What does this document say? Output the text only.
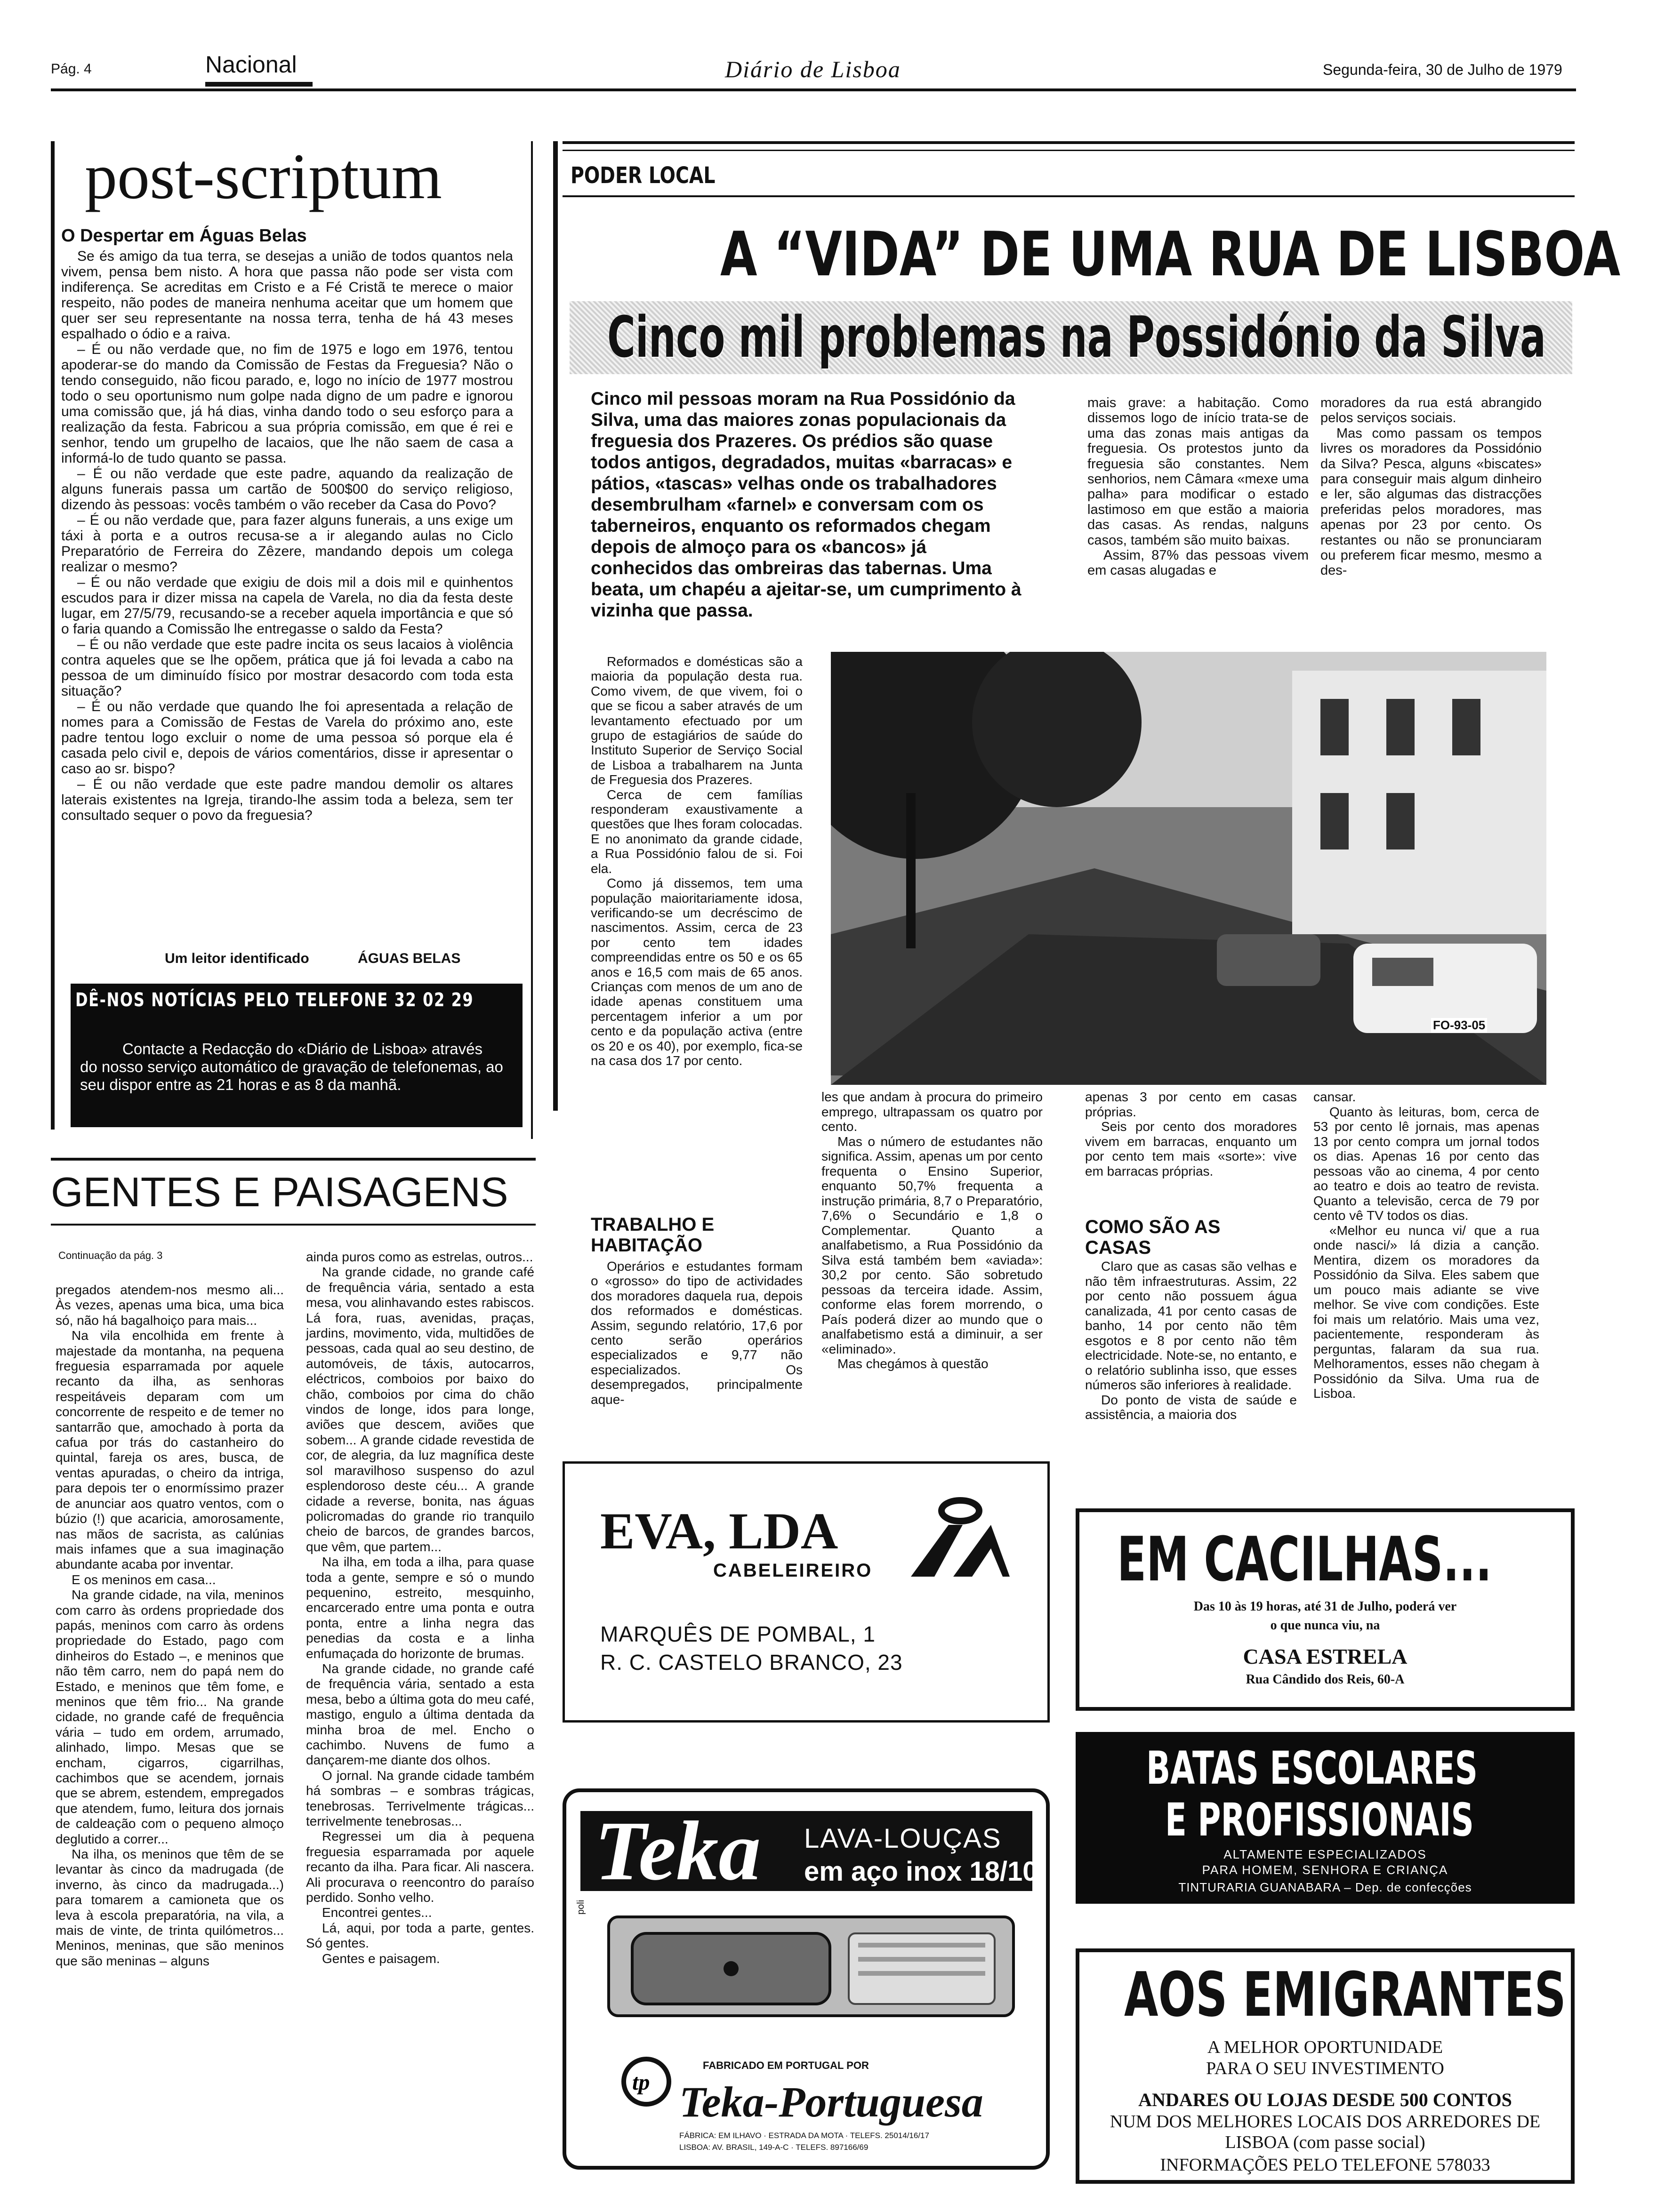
Pág. 4	Nacional	Diário de Lisboa	Segunda-feira, 30 de Julho de 1979
post-scriptum
O Despertar em Águas Belas

Se és amigo da tua terra, se desejas a união de todos quantos nela vivem, pensa bem nisto. A hora que passa não pode ser vista com indiferença. Se acreditas em Cristo e a Fé Cristã te merece o maior respeito, não podes de maneira nenhuma aceitar que um homem que quer ser seu representante na nossa terra, tenha de há 43 meses espalhado o ódio e a raiva.

– É ou não verdade que, no fim de 1975 e logo em 1976, tentou apoderar-se do mando da Comissão de Festas da Freguesia? Não o tendo conseguido, não ficou parado, e, logo no início de 1977 mostrou todo o seu oportunismo num golpe nada digno de um padre e ignorou uma comissão que, já há dias, vinha dando todo o seu esforço para a realização da festa. Fabricou a sua própria comissão, em que é rei e senhor, tendo um grupelho de lacaios, que lhe não saem de casa a informá-lo de tudo quanto se passa.

– É ou não verdade que este padre, aquando da realização de alguns funerais passa um cartão de 500$00 do serviço religioso, dizendo às pessoas: vocês também o vão receber da Casa do Povo?

– É ou não verdade que, para fazer alguns funerais, a uns exige um táxi à porta e a outros recusa-se a ir alegando aulas no Ciclo Preparatório de Ferreira do Zêzere, mandando depois um colega realizar o mesmo?

– É ou não verdade que exigiu de dois mil a dois mil e quinhentos escudos para ir dizer missa na capela de Varela, no dia da festa deste lugar, em 27/5/79, recusando-se a receber aquela importância e que só o faria quando a Comissão lhe entregasse o saldo da Festa?

– É ou não verdade que este padre incita os seus lacaios à violência contra aqueles que se lhe opõem, prática que já foi levada a cabo na pessoa de um diminuído físico por mostrar desacordo com toda esta situação?

– É ou não verdade que quando lhe foi apresentada a relação de nomes para a Comissão de Festas de Varela do próximo ano, este padre tentou logo excluir o nome de uma pessoa só porque ela é casada pelo civil e, depois de vários comentários, disse ir apresentar o caso ao sr. bispo?

– É ou não verdade que este padre mandou demolir os altares laterais existentes na Igreja, tirando-lhe assim toda a beleza, sem ter consultado sequer o povo da freguesia?

Um leitor identificado	ÁGUAS BELAS
DÊ-NOS NOTÍCIAS PELO TELEFONE 32 02 29
Contacte a Redacção do «Diário de Lisboa» através do nosso serviço automático de gravação de telefonemas, ao seu dispor entre as 21 horas e as 8 da manhã.
GENTES E PAISAGENS
Continuação da pág. 3

pregados atendem-nos mesmo ali... Às vezes, apenas uma bica, uma bica só, não há bagalhoiço para mais...

Na vila encolhida em frente à majestade da montanha, na pequena freguesia esparramada por aquele recanto da ilha, as senhoras respeitáveis deparam com um concorrente de respeito e de temer no santarrão que, amochado à porta da cafua por trás do castanheiro do quintal, fareja os ares, busca, de ventas apuradas, o cheiro da intriga, para depois ter o enormíssimo prazer de anunciar aos quatro ventos, com o búzio (!) que acaricia, amorosamente, nas mãos de sacrista, as calúnias mais infames que a sua imaginação abundante acaba por inventar.

E os meninos em casa...

Na grande cidade, na vila, meninos com carro às ordens propriedade dos papás, meninos com carro às ordens propriedade do Estado, pago com dinheiros do Estado –, e meninos que não têm carro, nem do papá nem do Estado, e meninos que têm fome, e meninos que têm frio... Na grande cidade, no grande café de frequência vária – tudo em ordem, arrumado, alinhado, limpo. Mesas que se encham, cigarros, cigarrilhas, cachimbos que se acendem, jornais que se abrem, estendem, empregados que atendem, fumo, leitura dos jornais de caldeação com o pequeno almoço deglutido a correr...

Na ilha, os meninos que têm de se levantar às cinco da madrugada (de inverno, às cinco da madrugada...) para tomarem a camioneta que os leva à escola preparatória, na vila, a mais de vinte, de trinta quilómetros... Meninos, meninas, que são meninos que são meninas – alguns

ainda puros como as estrelas, outros...

Na grande cidade, no grande café de frequência vária, sentado a esta mesa, vou alinhavando estes rabiscos. Lá fora, ruas, avenidas, praças, jardins, movimento, vida, multidões de pessoas, cada qual ao seu destino, de automóveis, de táxis, autocarros, eléctricos, comboios por baixo do chão, comboios por cima do chão vindos de longe, idos para longe, aviões que descem, aviões que sobem... A grande cidade revestida de cor, de alegria, da luz magnífica deste sol maravilhoso suspenso do azul esplendoroso deste céu... A grande cidade a reverse, bonita, nas águas policromadas do grande rio tranquilo cheio de barcos, de grandes barcos, que vêm, que partem...

Na ilha, em toda a ilha, para quase toda a gente, sempre e só o mundo pequenino, estreito, mesquinho, encarcerado entre uma ponta e outra ponta, entre a linha negra das penedias da costa e a linha enfumaçada do horizonte de brumas.

Na grande cidade, no grande café de frequência vária, sentado a esta mesa, bebo a última gota do meu café, mastigo, engulo a última dentada da minha broa de mel. Encho o cachimbo. Nuvens de fumo a dançarem-me diante dos olhos.

O jornal. Na grande cidade também há sombras – e sombras trágicas, tenebrosas. Terrivelmente trágicas... terrivelmente tenebrosas...

Regressei um dia à pequena freguesia esparramada por aquele recanto da ilha. Para ficar. Ali nascera. Ali procurava o reencontro do paraíso perdido. Sonho velho.

Encontrei gentes...

Lá, aqui, por toda a parte, gentes. Só gentes.

Gentes e paisagem.

PODER LOCAL
A “VIDA” DE UMA RUA DE LISBOA
Cinco mil problemas na Possidónio da Silva
Cinco mil pessoas moram na Rua Possidónio da Silva, uma das maiores zonas populacionais da freguesia dos Prazeres. Os prédios são quase todos antigos, degradados, muitas «barracas» e pátios, «tascas» velhas onde os trabalhadores desembrulham «farnel» e conversam com os taberneiros, enquanto os reformados chegam depois de almoço para os «bancos» já conhecidos das ombreiras das tabernas. Uma beata, um chapéu a ajeitar-se, um cumprimento à vizinha que passa.

mais grave: a habitação. Como dissemos logo de início trata-se de uma das zonas mais antigas da freguesia. Os protestos junto da freguesia são constantes. Nem senhorios, nem Câmara «mexe uma palha» para modificar o estado lastimoso em que estão a maioria das casas. As rendas, nalguns casos, também são muito baixas.

Assim, 87% das pessoas vivem em casas alugadas e

moradores da rua está abrangido pelos serviços sociais.

Mas como passam os tempos livres os moradores da Possidónio da Silva? Pesca, alguns «biscates» para conseguir mais algum dinheiro e ler, são algumas das distracções preferidas pelos moradores, mas apenas por 23 por cento. Os restantes ou não se pronunciaram ou preferem ficar mesmo, mesmo a des-

Reformados e domésticas são a maioria da população desta rua. Como vivem, de que vivem, foi o que se ficou a saber através de um levantamento efectuado por um grupo de estagiários de saúde do Instituto Superior de Serviço Social de Lisboa a trabalharem na Junta de Freguesia dos Prazeres.

Cerca de cem famílias responderam exaustivamente a questões que lhes foram colocadas. E no anonimato da grande cidade, a Rua Possidónio falou de si. Foi ela.

Como já dissemos, tem uma população maioritariamente idosa, verificando-se um decréscimo de nascimentos. Assim, cerca de 23 por cento tem idades compreendidas entre os 50 e os 65 anos e 16,5 com mais de 65 anos. Crianças com menos de um ano de idade apenas constituem uma percentagem inferior a um por cento e da população activa (entre os 20 e os 40), por exemplo, fica-se na casa dos 17 por cento.

TRABALHO E HABITAÇÃO

Operários e estudantes formam o «grosso» do tipo de actividades dos moradores daquela rua, depois dos reformados e domésticas. Assim, segundo relatório, 17,6 por cento serão operários especializados e 9,77 não especializados. Os desempregados, principalmente aque-

FO-93-05

les que andam à procura do primeiro emprego, ultrapassam os quatro por cento.

Mas o número de estudantes não significa. Assim, apenas um por cento frequenta o Ensino Superior, enquanto 50,7% frequenta a instrução primária, 8,7 o Preparatório, 7,6% o Secundário e 1,8 o Complementar. Quanto a analfabetismo, a Rua Possidónio da Silva está também bem «aviada»: 30,2 por cento. São sobretudo pessoas da terceira idade. Assim, conforme elas forem morrendo, o País poderá dizer ao mundo que o analfabetismo está a diminuir, a ser «eliminado».

Mas chegámos à questão

apenas 3 por cento em casas próprias.

Seis por cento dos moradores vivem em barracas, enquanto um por cento tem mais «sorte»: vive em barracas próprias.

COMO SÃO AS CASAS

Claro que as casas são velhas e não têm infraestruturas. Assim, 22 por cento não possuem água canalizada, 41 por cento casas de banho, 14 por cento não têm esgotos e 8 por cento não têm electricidade. Note-se, no entanto, e o relatório sublinha isso, que esses números são inferiores à realidade.

Do ponto de vista de saúde e assistência, a maioria dos

cansar.

Quanto às leituras, bom, cerca de 53 por cento lê jornais, mas apenas 13 por cento compra um jornal todos os dias. Apenas 16 por cento das pessoas vão ao cinema, 4 por cento ao teatro e dois ao teatro de revista. Quanto a televisão, cerca de 79 por cento vê TV todos os dias.

«Melhor eu nunca vi/ que a rua onde nasci/» lá dizia a canção. Mentira, dizem os moradores da Possidónio da Silva. Eles sabem que um pouco mais adiante se vive melhor. Se vive com condições. Este foi mais um relatório. Mais uma vez, pacientemente, responderam às perguntas, falaram da sua rua. Melhoramentos, esses não chegam à Possidónio da Silva. Uma rua de Lisboa.

EVA, LDA
CABELEIREIRO
MARQUÊS DE POMBAL, 1
R. C. CASTELO BRANCO, 23
Teka LAVA-LOUÇAS
em aço inox 18/10
poli
tp
FABRICADO EM PORTUGAL POR
Teka-Portuguesa
FÁBRICA: EM ILHAVO · ESTRADA DA MOTA · TELEFS. 25014/16/17
LISBOA: AV. BRASIL, 149-A-C · TELEFS. 897166/69
EM CACILHAS...
Das 10 às 19 horas, até 31 de Julho, poderá ver
o que nunca viu, na
CASA ESTRELA
Rua Cândido dos Reis, 60-A
BATAS ESCOLARES
E PROFISSIONAIS
ALTAMENTE ESPECIALIZADOS
PARA HOMEM, SENHORA E CRIANÇA
TINTURARIA GUANABARA – Dep. de confecções
AOS EMIGRANTES
A MELHOR OPORTUNIDADE
PARA O SEU INVESTIMENTO
ANDARES OU LOJAS DESDE 500 CONTOS
NUM DOS MELHORES LOCAIS DOS ARREDORES DE LISBOA (com passe social)
INFORMAÇÕES PELO TELEFONE 578033
